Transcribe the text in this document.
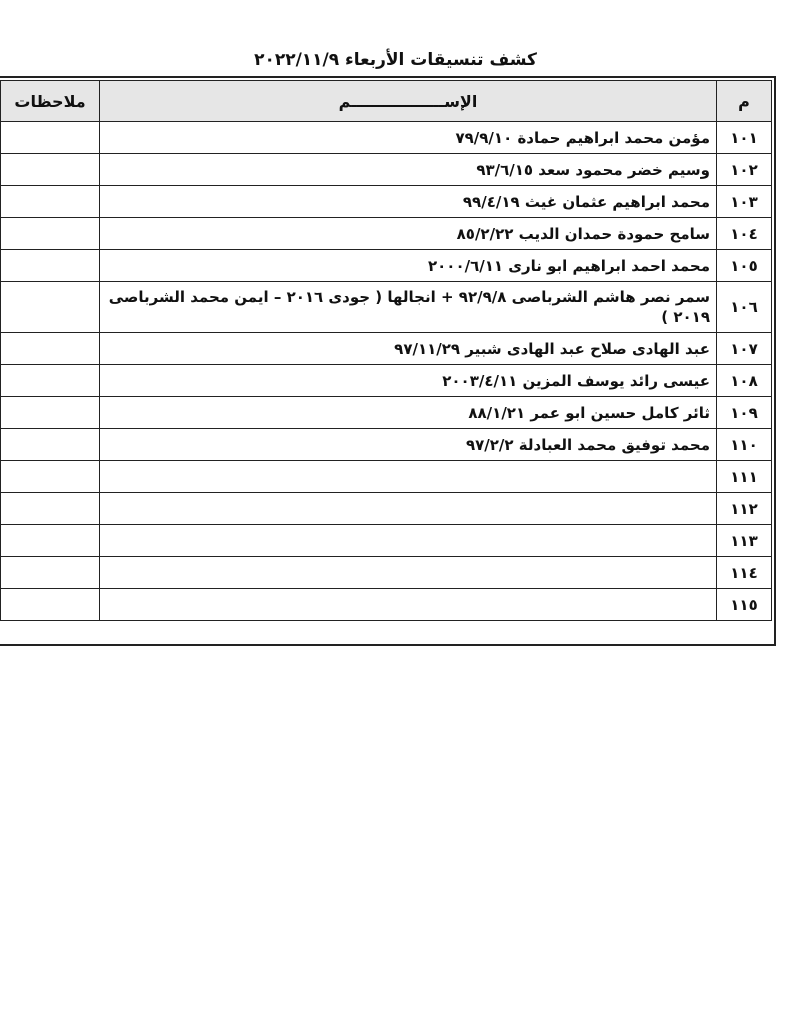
كشف تنسيقات الأربعاء ٢٠٢٢/١١/٩
م	الإســـــــــــــــــم	ملاحظات
١٠١	مؤمن محمد ابراهيم حمادة ٧٩/٩/١٠	
١٠٢	وسيم خضر محمود سعد ٩٣/٦/١٥	
١٠٣	محمد ابراهيم عثمان غيث ٩٩/٤/١٩	
١٠٤	سامح حمودة حمدان الديب ٨٥/٢/٢٢	
١٠٥	محمد احمد ابراهيم ابو نارى ٢٠٠٠/٦/١١	
١٠٦	سمر نصر هاشم الشرباصى ٩٢/٩/٨ + انجالها ( جودى ٢٠١٦ – ايمن محمد الشرباصى ٢٠١٩ )	
١٠٧	عبد الهادى صلاح عبد الهادى شبير ٩٧/١١/٢٩	
١٠٨	عيسى رائد يوسف المزين ٢٠٠٣/٤/١١	
١٠٩	ثائر كامل حسين ابو عمر ٨٨/١/٢١	
١١٠	محمد توفيق محمد العبادلة ٩٧/٢/٢	
١١١		
١١٢		
١١٣		
١١٤		
١١٥		
